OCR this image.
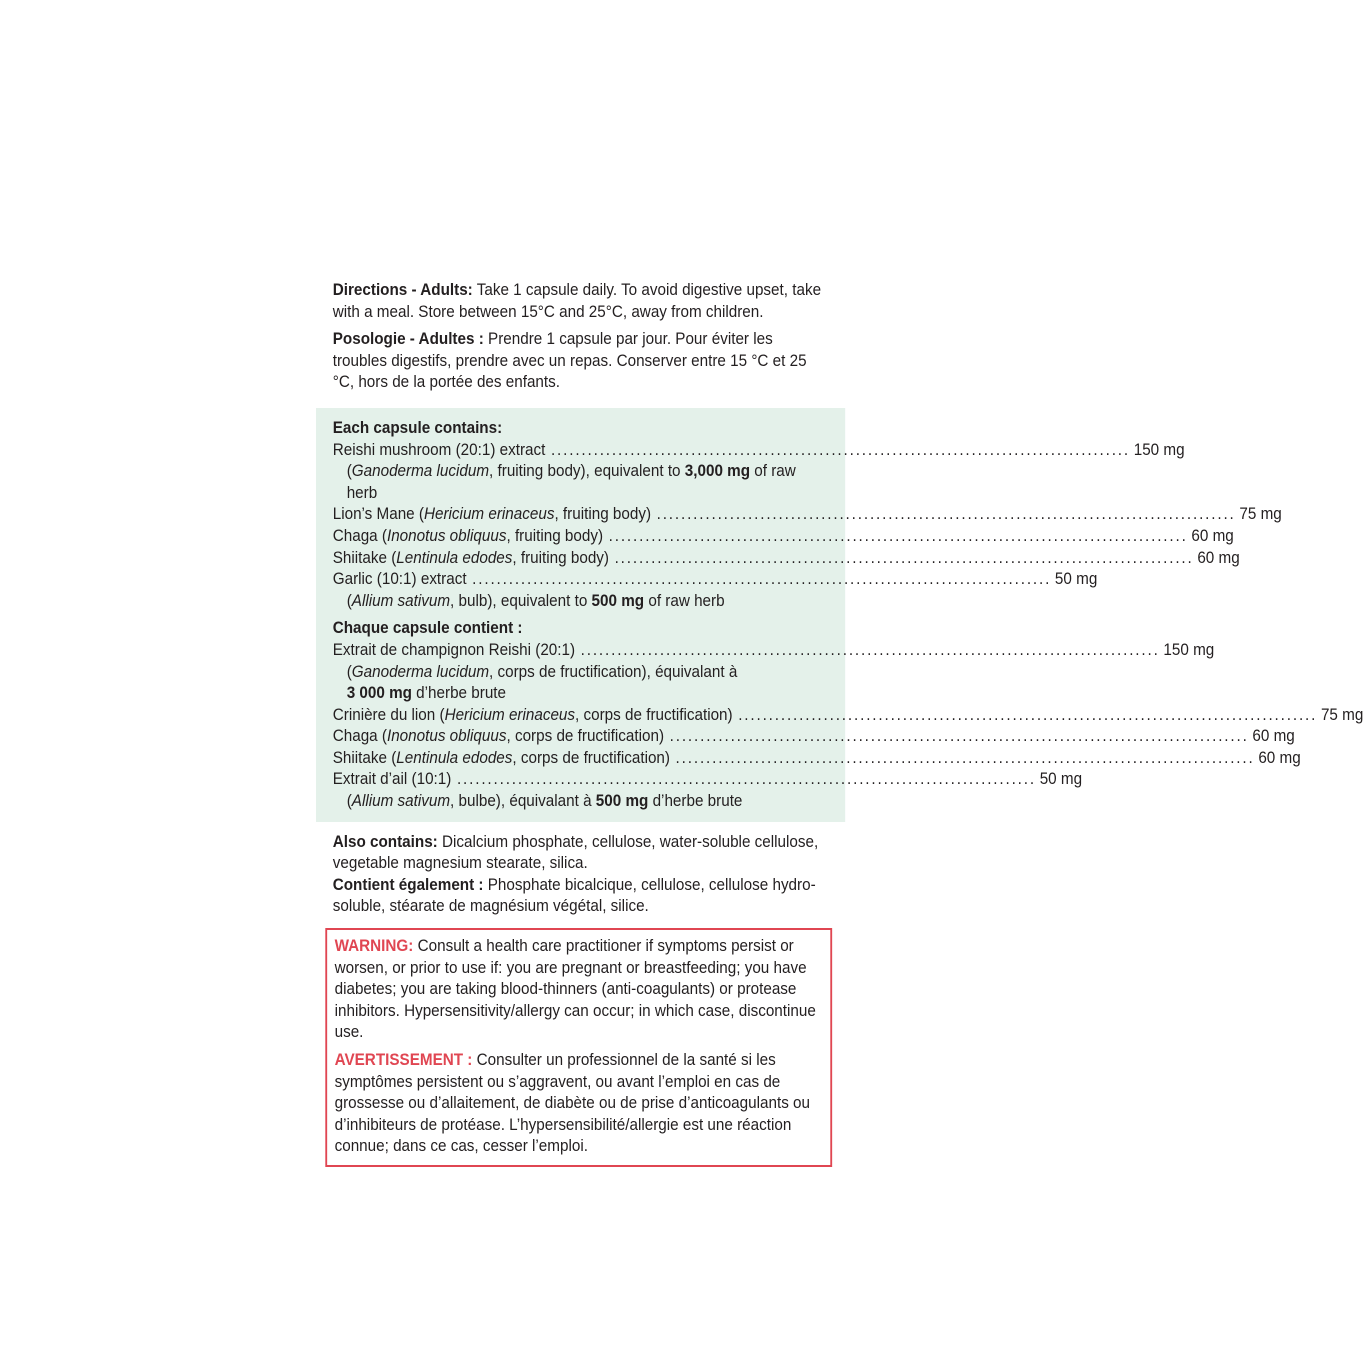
Directions - Adults: Take 1 capsule daily. To avoid digestive upset, take with a meal. Store between 15°C and 25°C, away from children.

Posologie - Adultes : Prendre 1 capsule par jour. Pour éviter les troubles digestifs, prendre avec un repas. Conserver entre 15 °C et 25 °C, hors de la portée des enfants.

Each capsule contains:

Reishi mushroom (20:1) extract ............................................................................................... 150 mg

(Ganoderma lucidum, fruiting body), equivalent to 3,000 mg of raw herb

Lion’s Mane (Hericium erinaceus, fruiting body) ............................................................................................... 75 mg
Chaga (Inonotus obliquus, fruiting body) ............................................................................................... 60 mg
Shiitake (Lentinula edodes, fruiting body) ............................................................................................... 60 mg
Garlic (10:1) extract ............................................................................................... 50 mg

(Allium sativum, bulb), equivalent to 500 mg of raw herb

Chaque capsule contient :

Extrait de champignon Reishi (20:1) ............................................................................................... 150 mg

(Ganoderma lucidum, corps de fructification), équivalant à
3 000 mg d’herbe brute

Crinière du lion (Hericium erinaceus, corps de fructification) ............................................................................................... 75 mg
Chaga (Inonotus obliquus, corps de fructification) ............................................................................................... 60 mg
Shiitake (Lentinula edodes, corps de fructification) ............................................................................................... 60 mg
Extrait d’ail (10:1) ............................................................................................... 50 mg

(Allium sativum, bulbe), équivalant à 500 mg d’herbe brute

Also contains: Dicalcium phosphate, cellulose, water-soluble cellulose, vegetable magnesium stearate, silica.

Contient également : Phosphate bicalcique, cellulose, cellulose hydro-soluble, stéarate de magnésium végétal, silice.

WARNING: Consult a health care practitioner if symptoms persist or worsen, or prior to use if: you are pregnant or breastfeeding; you have diabetes; you are taking blood-thinners (anti-coagulants) or protease inhibitors. Hypersensitivity/allergy can occur; in which case, discontinue use.

AVERTISSEMENT : Consulter un professionnel de la santé si les symptômes persistent ou s’aggravent, ou avant l’emploi en cas de grossesse ou d’allaitement, de diabète ou de prise d’anticoagulants ou d’inhibiteurs de protéase. L’hypersensibilité/allergie est une réaction connue; dans ce cas, cesser l’emploi.
